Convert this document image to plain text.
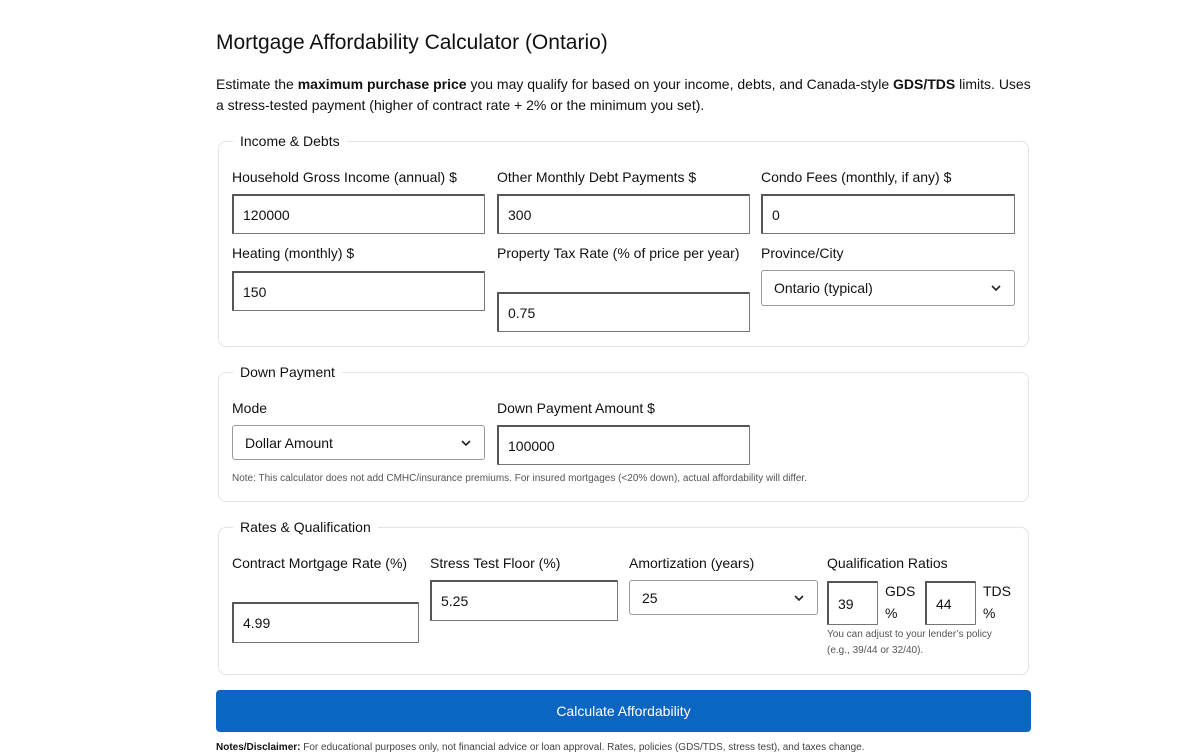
Mortgage Affordability Calculator (Ontario)

Estimate the maximum purchase price you may qualify for based on your income, debts, and Canada-style GDS/TDS limits. Uses a stress-tested payment (higher of contract rate + 2% or the minimum you set).

Income & Debts
Household Gross Income (annual) $
120000	Other Monthly Debt Payments $
300	Condo Fees (monthly, if any) $
0
Heating (monthly) $
150	Property Tax Rate (% of price per year)
0.75 Province/City
Ontario (typical)
Down Payment
Mode
Dollar Amount
Down Payment Amount $
100000
Note: This calculator does not add CMHC/insurance premiums. For insured mortgages (<20% down), actual affordability will differ.
Rates & Qualification
Contract Mortgage Rate (%)
4.99	Stress Test Floor (%)
5.25	Amortization (years)
25
Qualification Ratios
39
GDS %
44
TDS %
You can adjust to your lender’s policy (e.g., 39/44 or 32/40).
Calculate Affordability
Notes/Disclaimer: For educational purposes only, not financial advice or loan approval. Rates, policies (GDS/TDS, stress test), and taxes change.
